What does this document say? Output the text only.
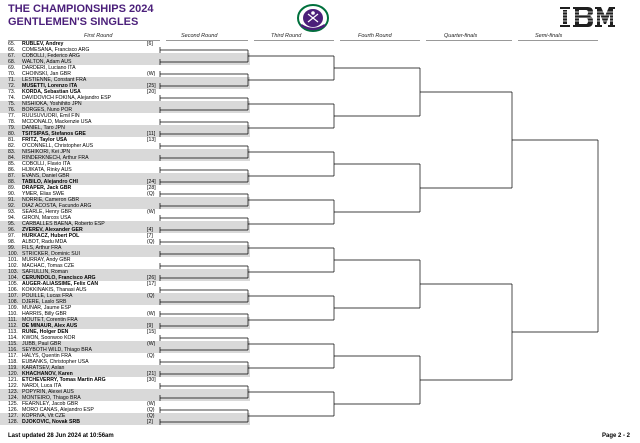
THE CHAMPIONSHIPS 2024
GENTLEMEN'S SINGLES
First Round	Second Round	Third Round	Fourth Round	Quarter-finals	Semi-finals
65.	RUBLEV, Andrey	[6]
66.	COMESANA, Francisco ARG
67.	COBOLLI, Federico ARG
68.	WALTON, Adam AUS
69.	DARDERI, Luciano ITA
70.	CHOINSKI, Jan GBR	(W)
71.	LESTIENNE, Constant FRA
72.	MUSETTI, Lorenzo ITA	[25]
73.	KORDA, Sebastian USA	[20]
74.	DAVIDOVICH FOKINA, Alejandro ESP
75.	NISHIOKA, Yoshihito JPN
76.	BORGES, Nuno POR
77.	RUUSUVUORI, Emil FIN
78.	MCDONALD, Mackenzie USA
79.	DANIEL, Taro JPN
80.	TSITSIPAS, Stefanos GRE	[11]
81.	FRITZ, Taylor USA	[13]
82.	O'CONNELL, Christopher AUS
83.	NISHIKORI, Kei JPN
84.	RINDERKNECH, Arthur FRA
85.	COBOLLI, Flavio ITA
86.	HIJIKATA, Rinky AUS
87.	EVANS, Daniel GBR
88.	TABILO, Alejandro CHI	[24]
89.	DRAPER, Jack GBR	[28]
90.	YMER, Elias SWE	(Q)
91.	NORRIE, Cameron GBR
92.	DIAZ ACOSTA, Facundo ARG
93.	SEARLE, Henry GBR	(W)
94.	GIRON, Marcos USA
95.	CARBALLES BAENA, Roberto ESP
96.	ZVEREV, Alexander GER	[4]
97.	HURKACZ, Hubert POL	[7]
98.	ALBOT, Radu MDA	(Q)
99.	FILS, Arthur FRA
100. STRICKER, Dominic SUI
101. MURRAY, Andy GBR
102. MACHAC, Tomas CZE
103. SAFIULLIN, Roman
104. CERUNDOLO, Francisco ARG	[26]
105. AUGER-ALIASSIME, Felix CAN	[17]
106. KOKKINAKIS, Thanasi AUS
107. POUILLE, Lucas FRA	(Q)
108. DJERE, Laslo SRB
109. MUNAR, Jaume ESP
110. HARRIS, Billy GBR	(W)
111. MOUTET, Corentin FRA
112. DE MINAUR, Alex AUS	[9]
113. RUNE, Holger DEN	[15]
114. KWON, Soonwoo KOR
115. JUBB, Paul GBR	(W)
116. SEYBOTH WILD, Thiago BRA
117. HALYS, Quentin FRA	(Q)
118. EUBANKS, Christopher USA
119. KARATSEV, Aslan
120. KHACHANOV, Karen	[21]
121. ETCHEVERRY, Tomas Martin ARG	[30]
122. NARDI, Luca ITA
123. POPYRIN, Alexei AUS
124. MONTEIRO, Thiago BRA
125. FEARNLEY, Jacob GBR	(W)
126. MORO CANAS, Alejandro ESP	(Q)
127. KOPRIVA, Vit CZE	(Q)
128. DJOKOVIC, Novak SRB	[2]
Last updated 28 Jun 2024 at 10:56am	Page 2 - 2
